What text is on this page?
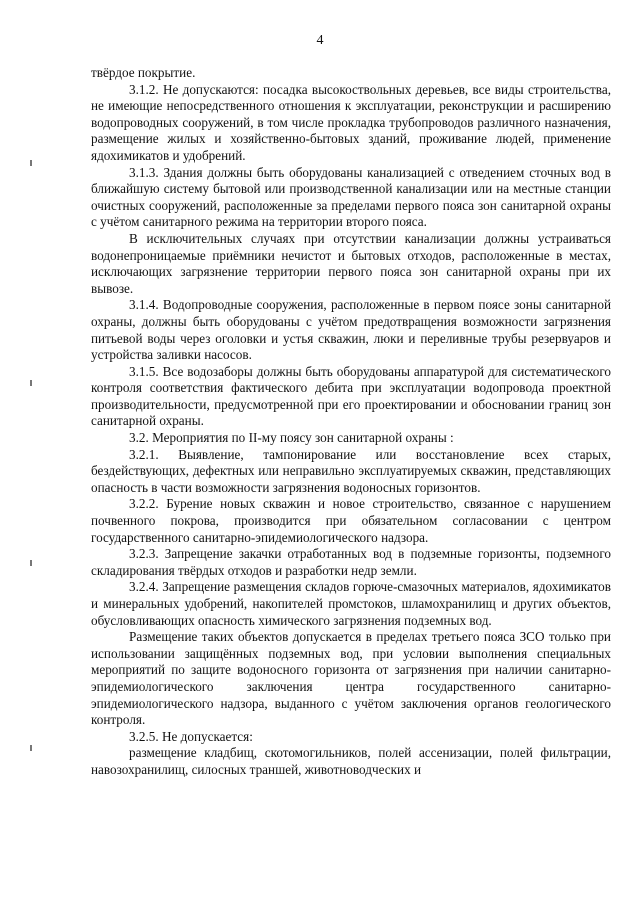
4

твёрдое покрытие.

3.1.2. Не допускаются: посадка высокоствольных деревьев, все виды строительства, не имеющие непосредственного отношения к эксплуатации, реконструкции и расширению водопроводных сооружений, в том числе прокладка трубопроводов различного назначения, размещение жилых и хозяйственно-бытовых зданий, проживание людей, применение ядохимикатов и удобрений.

3.1.3. Здания должны быть оборудованы канализацией с отведением сточных вод в ближайшую систему бытовой или производственной канализации или на местные станции очистных сооружений, расположенные за пределами первого пояса зон санитарной охраны с учётом санитарного режима на территории второго пояса.

В исключительных случаях при отсутствии канализации должны устраиваться водонепроницаемые приёмники нечистот и бытовых отходов, расположенные в местах, исключающих загрязнение территории первого пояса зон санитарной охраны при их вывозе.

3.1.4. Водопроводные сооружения, расположенные в первом поясе зоны санитарной охраны, должны быть оборудованы с учётом предотвращения возможности загрязнения питьевой воды через оголовки и устья скважин, люки и переливные трубы резервуаров и устройства заливки насосов.

3.1.5. Все водозаборы должны быть оборудованы аппаратурой для систематического контроля соответствия фактического дебита при эксплуатации водопровода проектной производительности, предусмотренной при его проектировании и обосновании границ зон санитарной охраны.

3.2. Мероприятия по II-му поясу зон санитарной охраны :

3.2.1. Выявление, тампонирование или восстановление всех старых, бездействующих, дефектных или неправильно эксплуатируемых скважин, представляющих опасность в части возможности загрязнения водоносных горизонтов.

3.2.2. Бурение новых скважин и новое строительство, связанное с нарушением почвенного покрова, производится при обязательном согласовании с центром государственного санитарно-эпидемиологического надзора.

3.2.3. Запрещение закачки отработанных вод в подземные горизонты, подземного складирования твёрдых отходов и разработки недр земли.

3.2.4. Запрещение размещения складов горюче-смазочных материалов, ядохимикатов и минеральных удобрений, накопителей промстоков, шламохранилищ и других объектов, обусловливающих опасность химического загрязнения подземных вод.

Размещение таких объектов допускается в пределах третьего пояса ЗСО только при использовании защищённых подземных вод, при условии выполнения специальных мероприятий по защите водоносного горизонта от загрязнения при наличии санитарно-эпидемиологического заключения центра государственного санитарно-эпидемиологического надзора, выданного с учётом заключения органов геологического контроля.

3.2.5. Не допускается:

размещение кладбищ, скотомогильников, полей ассенизации, полей фильтрации, навозохранилищ, силосных траншей, животноводческих и
